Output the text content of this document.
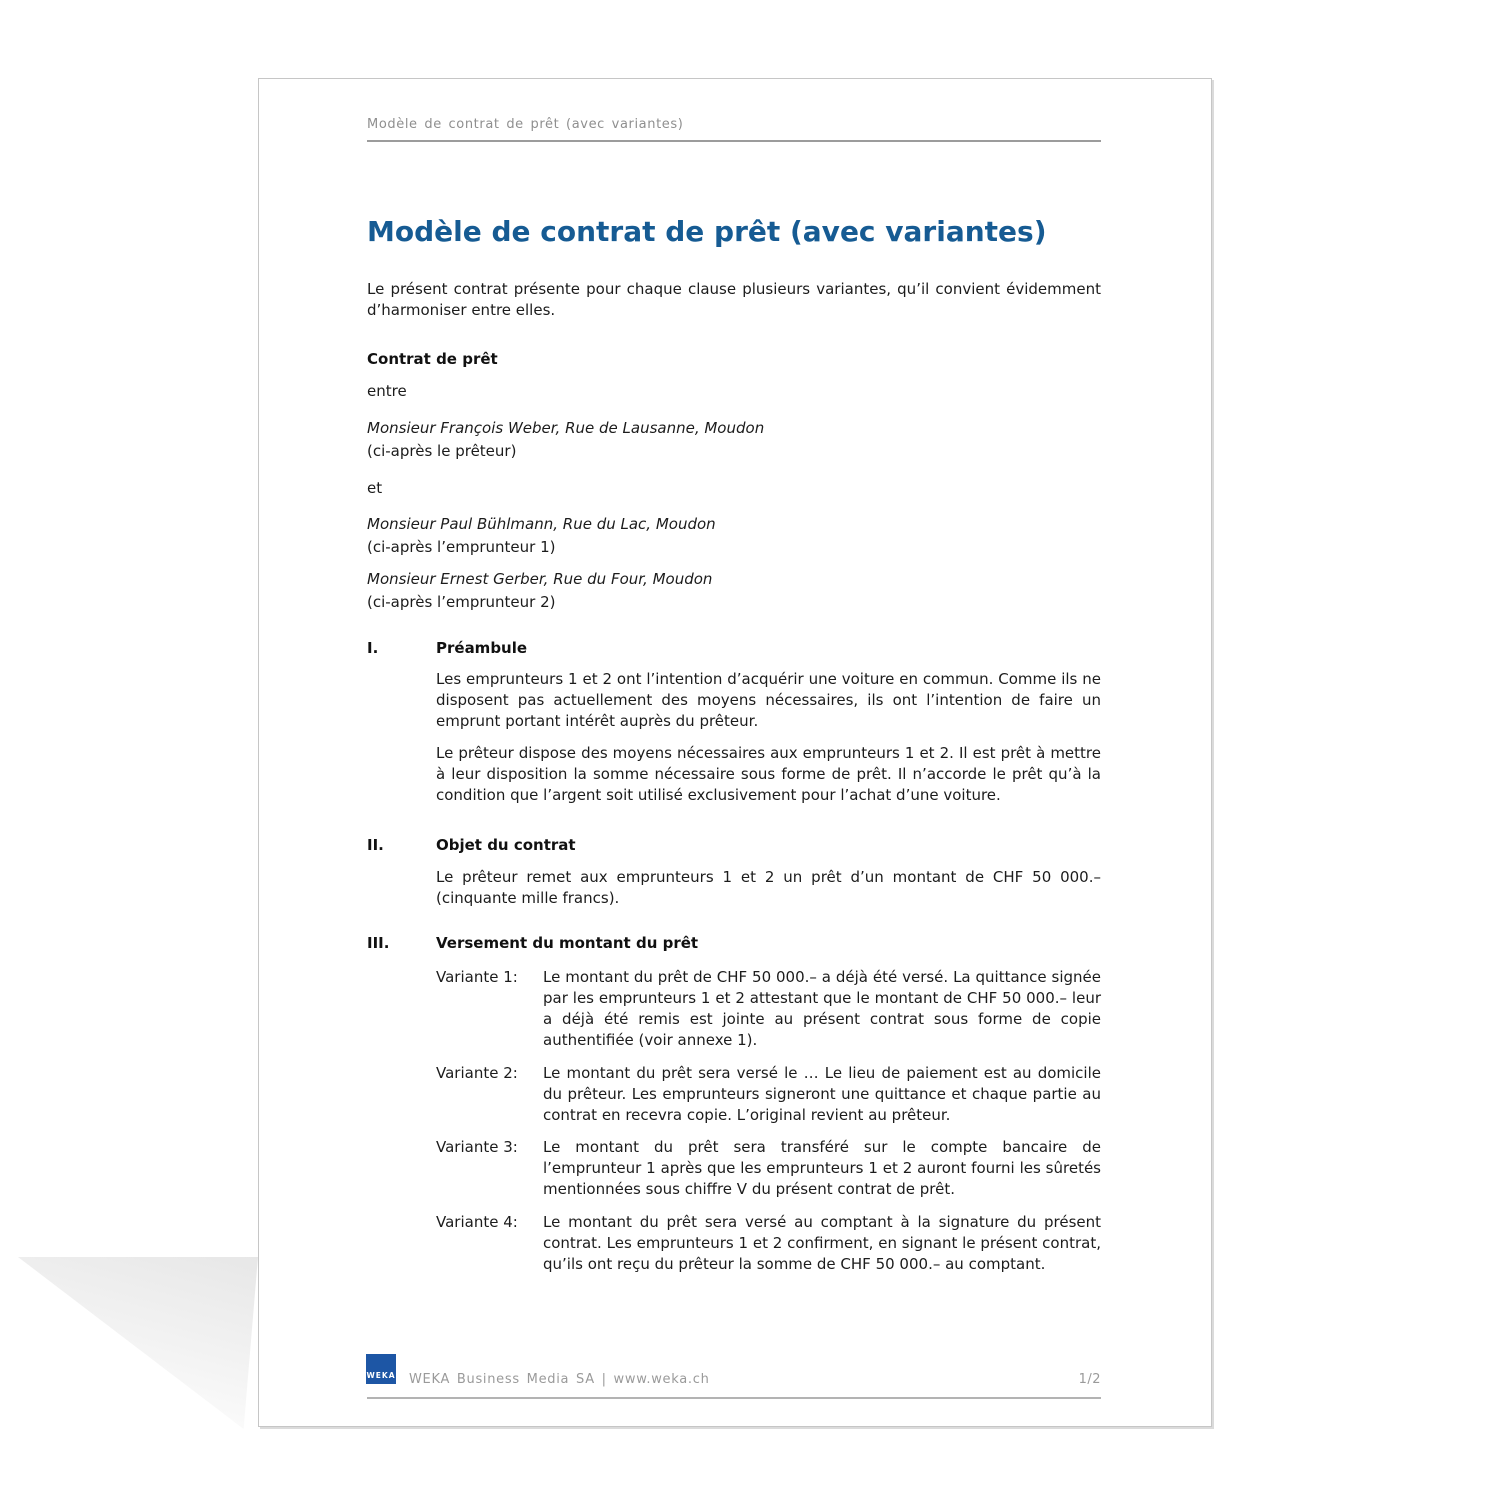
Modèle de contrat de prêt (avec variantes)
Modèle de contrat de prêt (avec variantes)
Le présent contrat présente pour chaque clause plusieurs variantes, qu’il convient évidemment d’harmoniser entre elles.
Contrat de prêt
entre
Monsieur François Weber, Rue de Lausanne, Moudon
(ci-après le prêteur)
et
Monsieur Paul Bühlmann, Rue du Lac, Moudon
(ci-après l’emprunteur 1)
Monsieur Ernest Gerber, Rue du Four, Moudon
(ci-après l’emprunteur 2)
I.	Préambule
Les emprunteurs 1 et 2 ont l’intention d’acquérir une voiture en commun. Comme ils ne disposent pas actuellement des moyens nécessaires, ils ont l’intention de faire un emprunt portant intérêt auprès du prêteur.
Le prêteur dispose des moyens nécessaires aux emprunteurs 1 et 2. Il est prêt à mettre à leur disposition la somme nécessaire sous forme de prêt. Il n’accorde le prêt qu’à la condition que l’argent soit utilisé exclusivement pour l’achat d’une voiture.
II.	Objet du contrat
Le prêteur remet aux emprunteurs 1 et 2 un prêt d’un montant de CHF 50 000.– (cinquante mille francs).
III.	Versement du montant du prêt
Variante 1:	Le montant du prêt de CHF 50 000.– a déjà été versé. La quittance signée par les emprunteurs 1 et 2 attestant que le montant de CHF 50 000.– leur a déjà été remis est jointe au présent contrat sous forme de copie authentifiée (voir annexe 1).
Variante 2:	Le montant du prêt sera versé le … Le lieu de paiement est au domicile du prêteur. Les emprunteurs signeront une quittance et chaque partie au contrat en recevra copie. L’original revient au prêteur.
Variante 3:	Le montant du prêt sera transféré sur le compte bancaire de l’emprunteur 1 après que les emprunteurs 1 et 2 auront fourni les sûretés mentionnées sous chiffre V du présent contrat de prêt.
Variante 4:	Le montant du prêt sera versé au comptant à la signature du présent contrat. Les emprunteurs 1 et 2 confirment, en signant le présent contrat, qu’ils ont reçu du prêteur la somme de CHF 50 000.– au comptant.
WEKA WEKA Business Media SA | www.weka.ch	1/2
